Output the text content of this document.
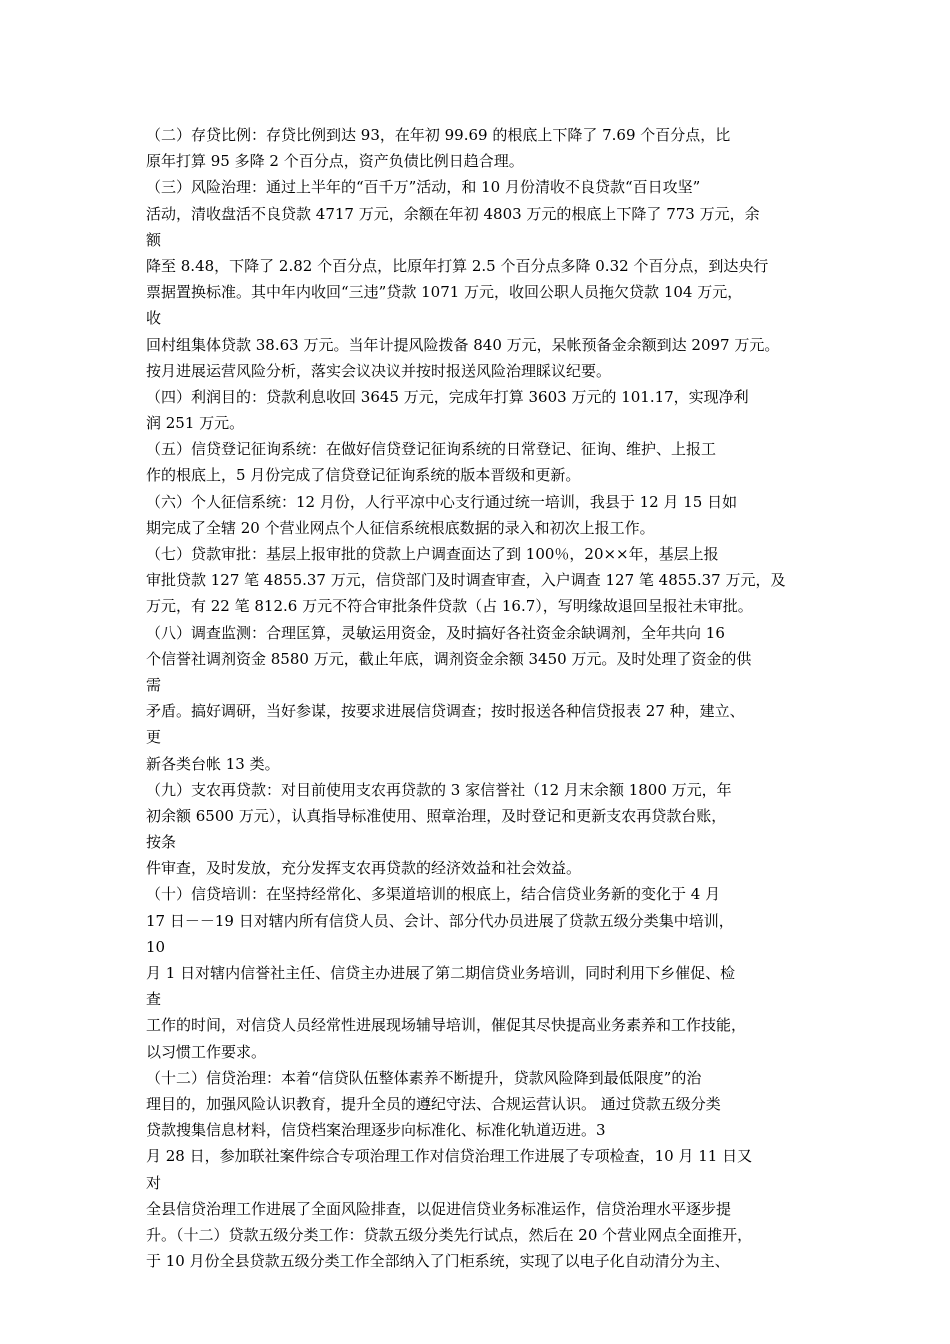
（二）存贷比例：存贷比例到达 93，在年初 99.69 的根底上下降了 7.69 个百分点，比
原年打算 95 多降 2 个百分点，资产负债比例日趋合理。
（三）风险治理：通过上半年的“百千万”活动，和 10 月份清收不良贷款“百日攻坚”
活动，清收盘活不良贷款 4717 万元，余额在年初 4803 万元的根底上下降了 773 万元，余
额
降至 8.48，下降了 2.82 个百分点，比原年打算 2.5 个百分点多降 0.32 个百分点，到达央行
票据置换标准。其中年内收回“三违”贷款 1071 万元，收回公职人员拖欠贷款 104 万元，
收
回村组集体贷款 38.63 万元。当年计提风险拨备 840 万元，呆帐预备金余额到达 2097 万元。
按月进展运营风险分析，落实会议决议并按时报送风险治理睬议纪要。
（四）利润目的：贷款利息收回 3645 万元，完成年打算 3603 万元的 101.17，实现净利
润 251 万元。
（五）信贷登记征询系统：在做好信贷登记征询系统的日常登记、征询、维护、上报工
作的根底上，5 月份完成了信贷登记征询系统的版本晋级和更新。
（六）个人征信系统：12 月份，人行平凉中心支行通过统一培训，我县于 12 月 15 日如
期完成了全辖 20 个营业网点个人征信系统根底数据的录入和初次上报工作。
（七）贷款审批：基层上报审批的贷款上户调查面达了到 100％，20××年，基层上报
审批贷款 127 笔 4855.37 万元，信贷部门及时调查审查，入户调查 127 笔 4855.37 万元，及
万元，有 22 笔 812.6 万元不符合审批条件贷款（占 16.7），写明缘故退回呈报社未审批。
（八）调查监测：合理匡算，灵敏运用资金，及时搞好各社资金余缺调剂，全年共向 16
个信誉社调剂资金 8580 万元，截止年底，调剂资金余额 3450 万元。及时处理了资金的供
需
矛盾。搞好调研，当好参谋，按要求进展信贷调查；按时报送各种信贷报表 27 种，建立、
更
新各类台帐 13 类。
（九）支农再贷款：对目前使用支农再贷款的 3 家信誉社（12 月末余额 1800 万元，年
初余额 6500 万元），认真指导标准使用、照章治理，及时登记和更新支农再贷款台账，
按条
件审查，及时发放，充分发挥支农再贷款的经济效益和社会效益。
（十）信贷培训：在坚持经常化、多渠道培训的根底上，结合信贷业务新的变化于 4 月
17 日－－19 日对辖内所有信贷人员、会计、部分代办员进展了贷款五级分类集中培训，
10
月 1 日对辖内信誉社主任、信贷主办进展了第二期信贷业务培训，同时利用下乡催促、检
查
工作的时间，对信贷人员经常性进展现场辅导培训，催促其尽快提高业务素养和工作技能，
以习惯工作要求。
（十二）信贷治理：本着“信贷队伍整体素养不断提升，贷款风险降到最低限度”的治
理目的，加强风险认识教育，提升全员的遵纪守法、合规运营认识。 通过贷款五级分类
贷款搜集信息材料，信贷档案治理逐步向标准化、标准化轨道迈进。3
月 28 日，参加联社案件综合专项治理工作对信贷治理工作进展了专项检查，10 月 11 日又
对
全县信贷治理工作进展了全面风险排查，以促进信贷业务标准运作，信贷治理水平逐步提
升。（十二）贷款五级分类工作：贷款五级分类先行试点，然后在 20 个营业网点全面推开，
于 10 月份全县贷款五级分类工作全部纳入了门柜系统，实现了以电子化自动清分为主、
